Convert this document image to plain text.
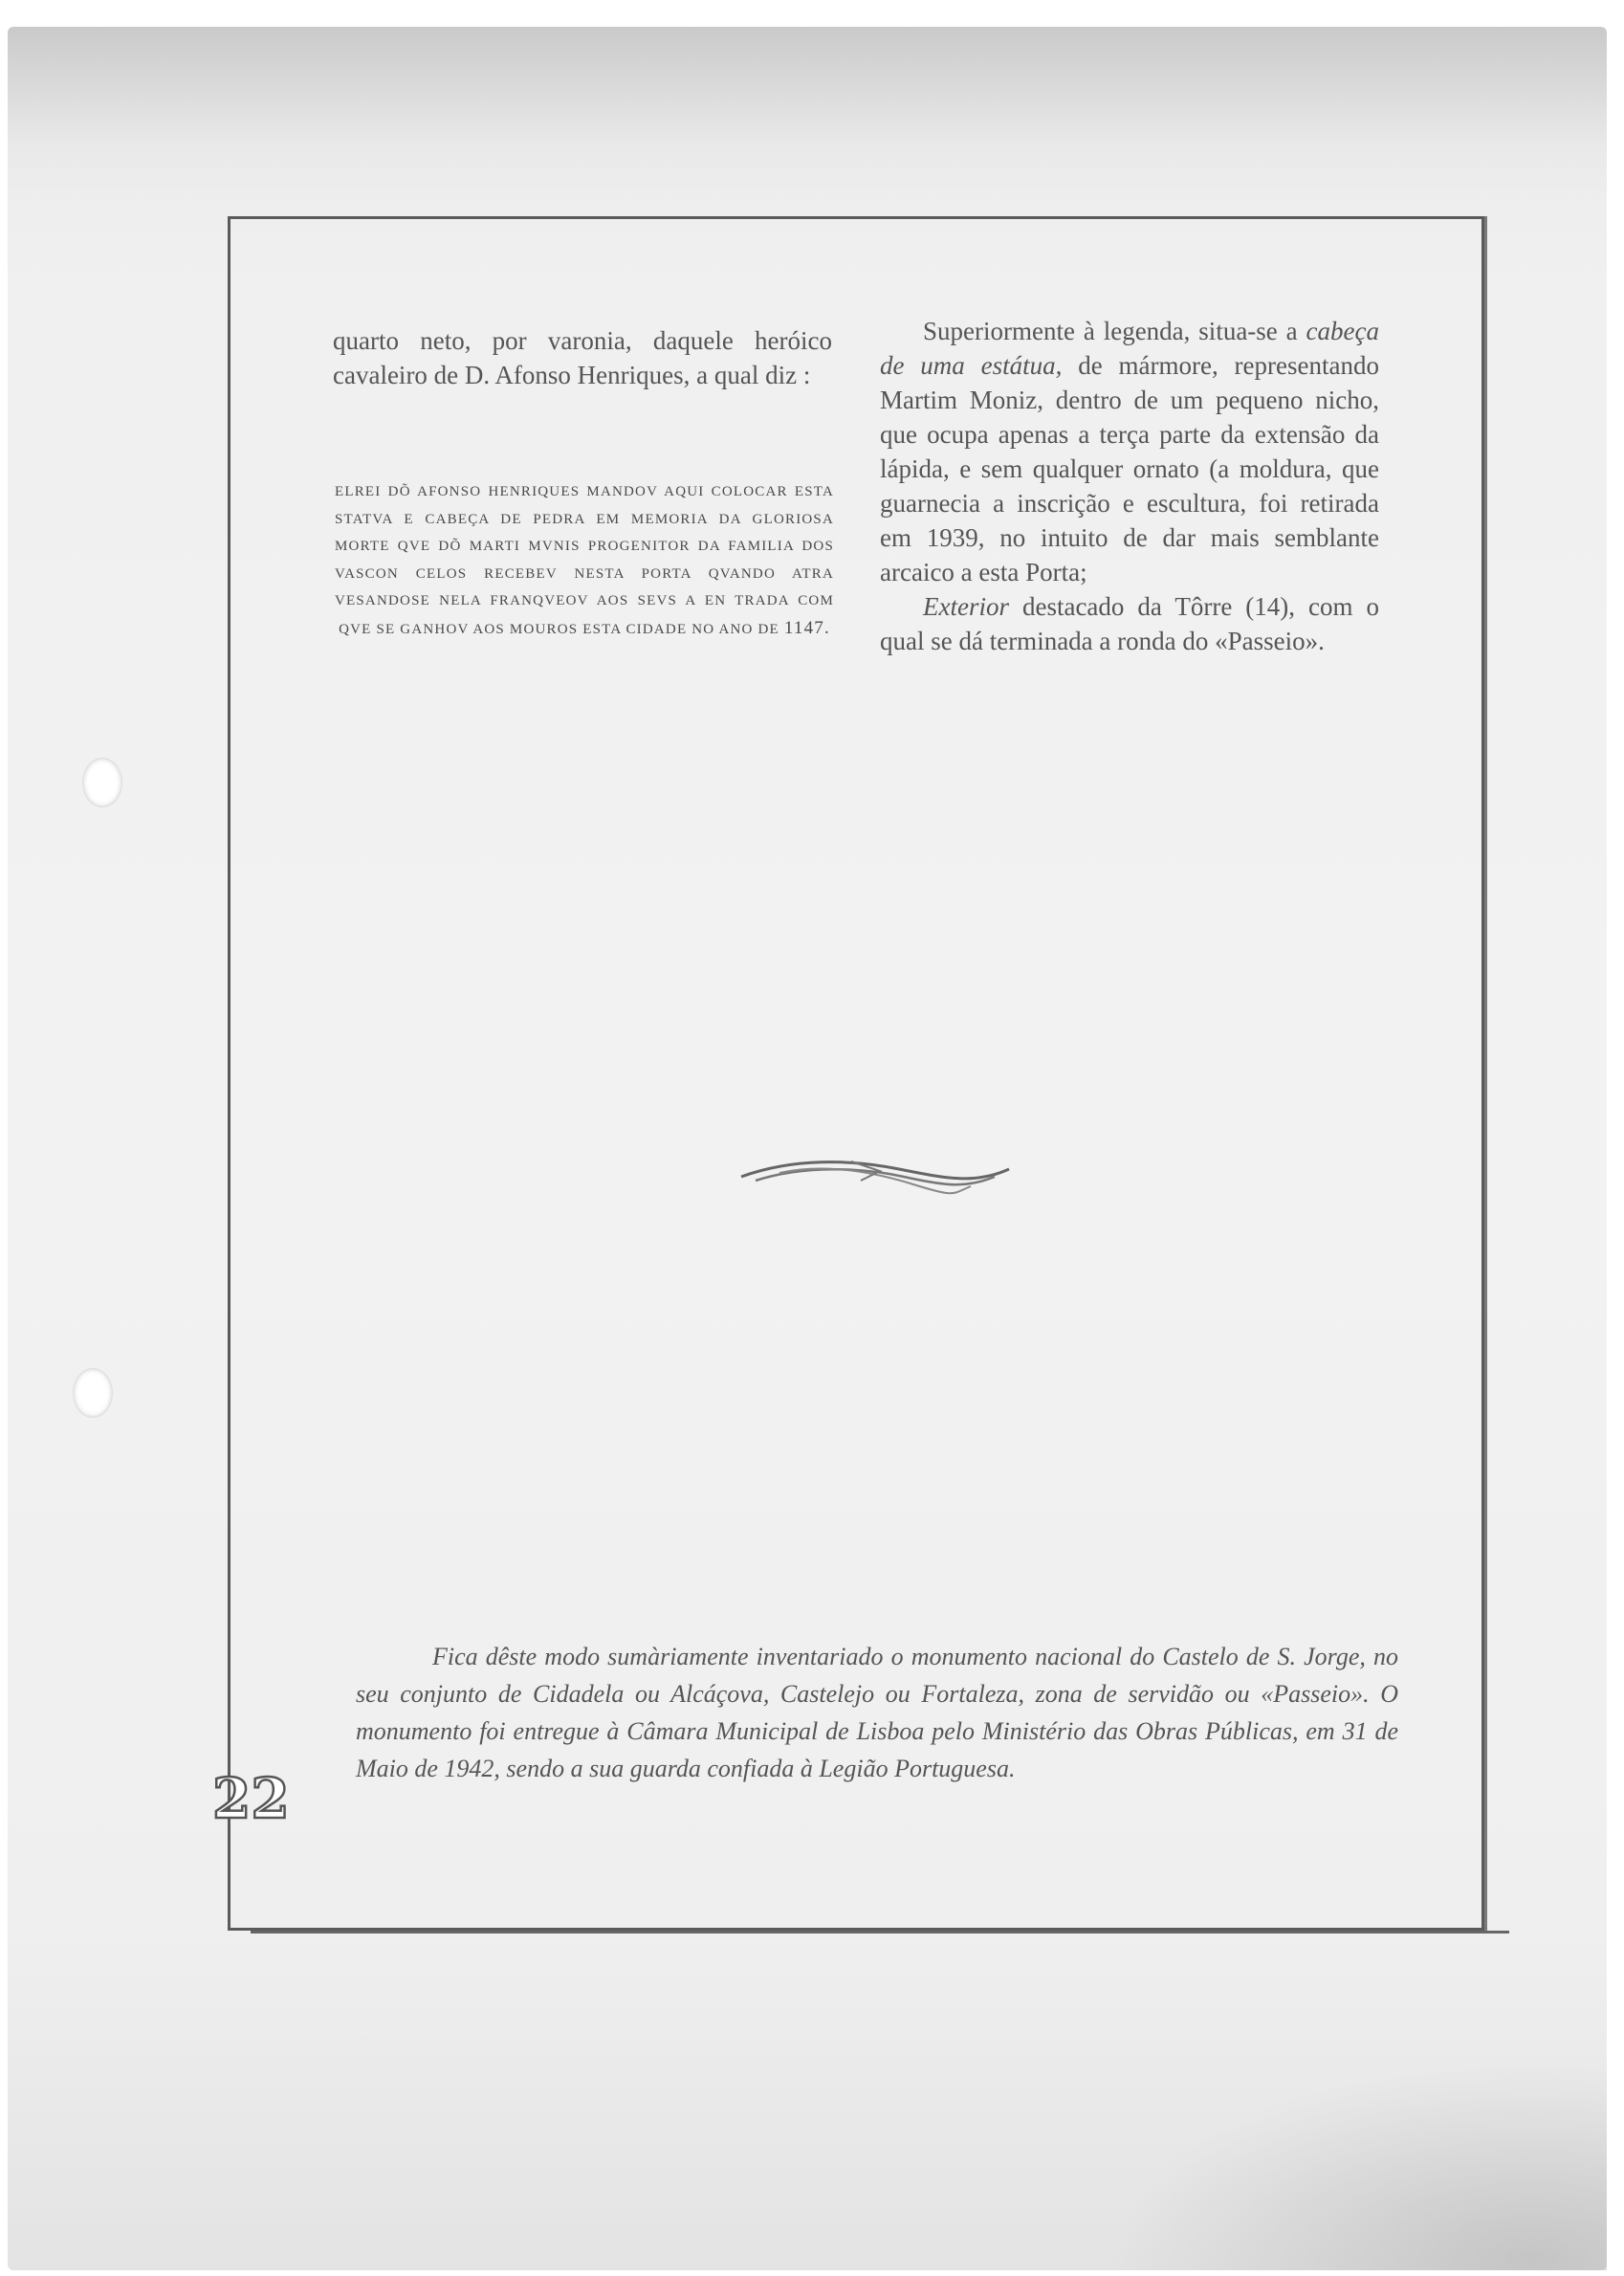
quarto neto, por varonia, daquele heróico cavaleiro de D. Afonso Henriques, a qual diz :

ELREI DÕ AFONSO HENRIQUES MANDOV AQUI COLOCAR ESTA STATVA E CABEÇA DE PEDRA EM MEMORIA DA GLORIOSA MORTE QVE DÕ MARTI MVNIS PROGENITOR DA FAMILIA DOS VASCON CELOS RECEBEV NESTA PORTA QVANDO ATRA VESANDOSE NELA FRANQVEOV AOS SEVS A EN TRADA COM QVE SE GANHOV AOS MOUROS ESTA CIDADE NO ANO DE 1147.

Superiormente à legenda, situa-se a cabeça de uma estátua, de mármore, representando Martim Moniz, dentro de um pequeno nicho, que ocupa apenas a terça parte da extensão da lápida, e sem qualquer ornato (a moldura, que guarnecia a inscrição e escultura, foi retirada em 1939, no intuito de dar mais semblante arcaico a esta Porta;

Exterior destacado da Tôrre (14), com o qual se dá terminada a ronda do «Passeio».

Fica dêste modo sumàriamente inventariado o monumento nacional do Castelo de S. Jorge, no seu conjunto de Cidadela ou Alcáçova, Castelejo ou Fortaleza, zona de servidão ou «Passeio». O monumento foi entregue à Câmara Municipal de Lisboa pelo Ministério das Obras Públicas, em 31 de Maio de 1942, sendo a sua guarda confiada à Legião Portuguesa.

22
